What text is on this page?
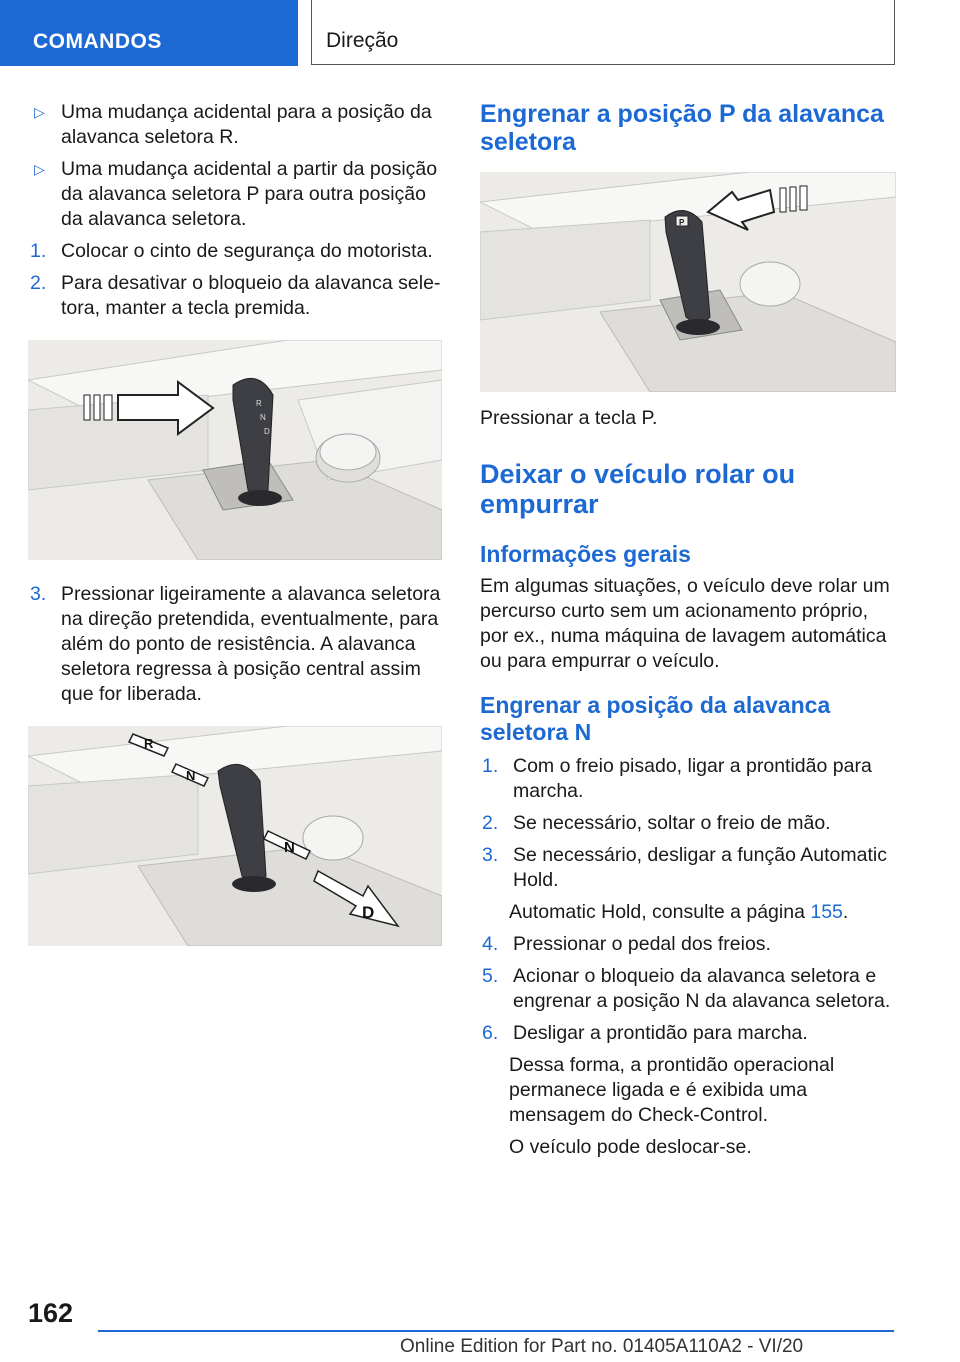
COMANDOS	Direção
▷ Uma mudança acidental para a posição da alavanca seletora R.
▷ Uma mudança acidental a partir da posição da alavanca seletora P para outra posição da alavanca seletora.
1. Colocar o cinto de segurança do motorista.
2. Para desativar o bloqueio da alavanca seletora, manter a tecla premida.
R
N
D
3. Pressionar ligeiramente a alavanca seletora na direção pretendida, eventualmente, para além do ponto de resistência. A alavanca seletora regressa à posição central assim que for liberada.
R
N
N
D
Engrenar a posição P da alavanca seletora
P

Pressionar a tecla P.

Deixar o veículo rolar ou empurrar
Informações gerais

Em algumas situações, o veículo deve rolar um percurso curto sem um acionamento próprio, por ex., numa máquina de lavagem automática ou para empurrar o veículo.

Engrenar a posição da alavanca seletora N
1. Com o freio pisado, ligar a prontidão para marcha.
2. Se necessário, soltar o freio de mão.
3. Se necessário, desligar a função Automatic Hold.

Automatic Hold, consulte a página 155.

4. Pressionar o pedal dos freios.
5. Acionar o bloqueio da alavanca seletora e engrenar a posição N da alavanca seletora.
6. Desligar a prontidão para marcha.

Dessa forma, a prontidão operacional permanece ligada e é exibida uma mensagem do Check-Control.

O veículo pode deslocar-se.

162
Online Edition for Part no. 01405A110A2 - VI/20
